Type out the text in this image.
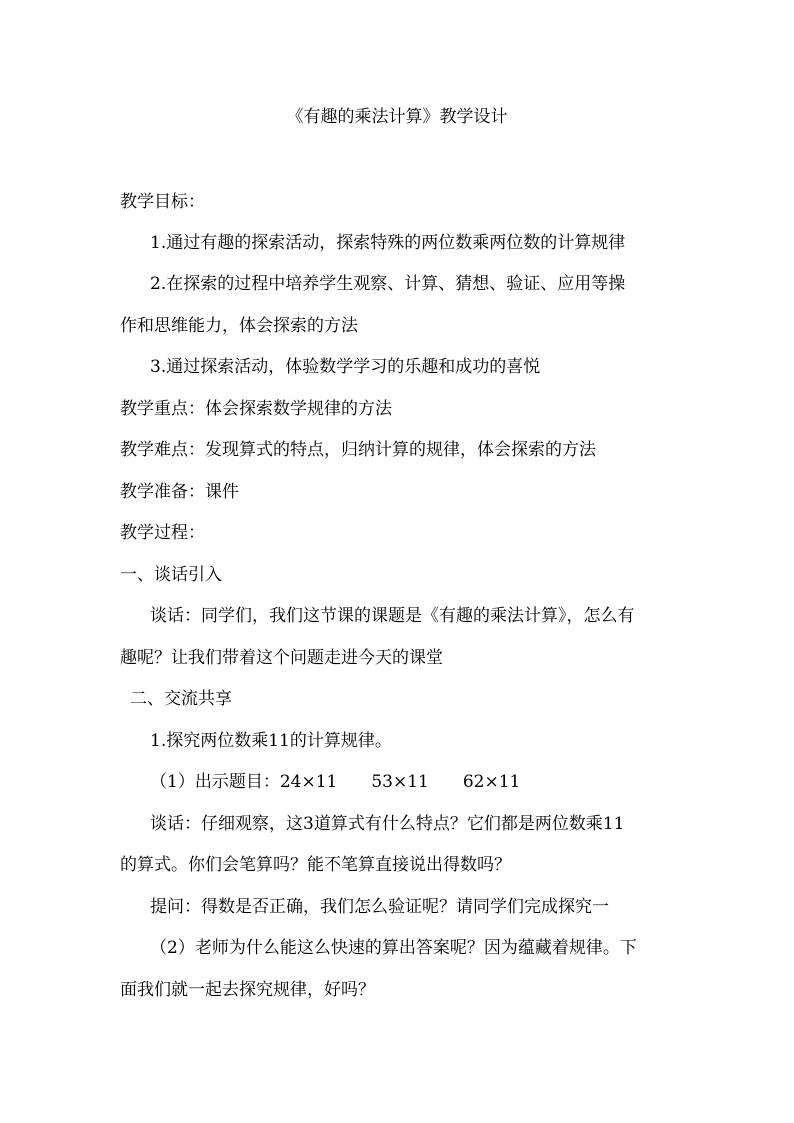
《有趣的乘法计算》教学设计
教学目标：
1.通过有趣的探索活动，探索特殊的两位数乘两位数的计算规律
2.在探索的过程中培养学生观察、计算、猜想、验证、应用等操
作和思维能力，体会探索的方法
3.通过探索活动，体验数学学习的乐趣和成功的喜悦
教学重点：体会探索数学规律的方法
教学难点：发现算式的特点，归纳计算的规律，体会探索的方法
教学准备：课件
教学过程：
一、谈话引入
谈话：同学们，我们这节课的课题是《有趣的乘法计算》，怎么有
趣呢？让我们带着这个问题走进今天的课堂
二、交流共享
1.探究两位数乘11的计算规律。
（1）出示题目：24×11　　53×11　　62×11
谈话：仔细观察，这3道算式有什么特点？它们都是两位数乘11
的算式。你们会笔算吗？能不笔算直接说出得数吗？
提问：得数是否正确，我们怎么验证呢？请同学们完成探究一
（2）老师为什么能这么快速的算出答案呢？因为蕴藏着规律。下
面我们就一起去探究规律，好吗？
